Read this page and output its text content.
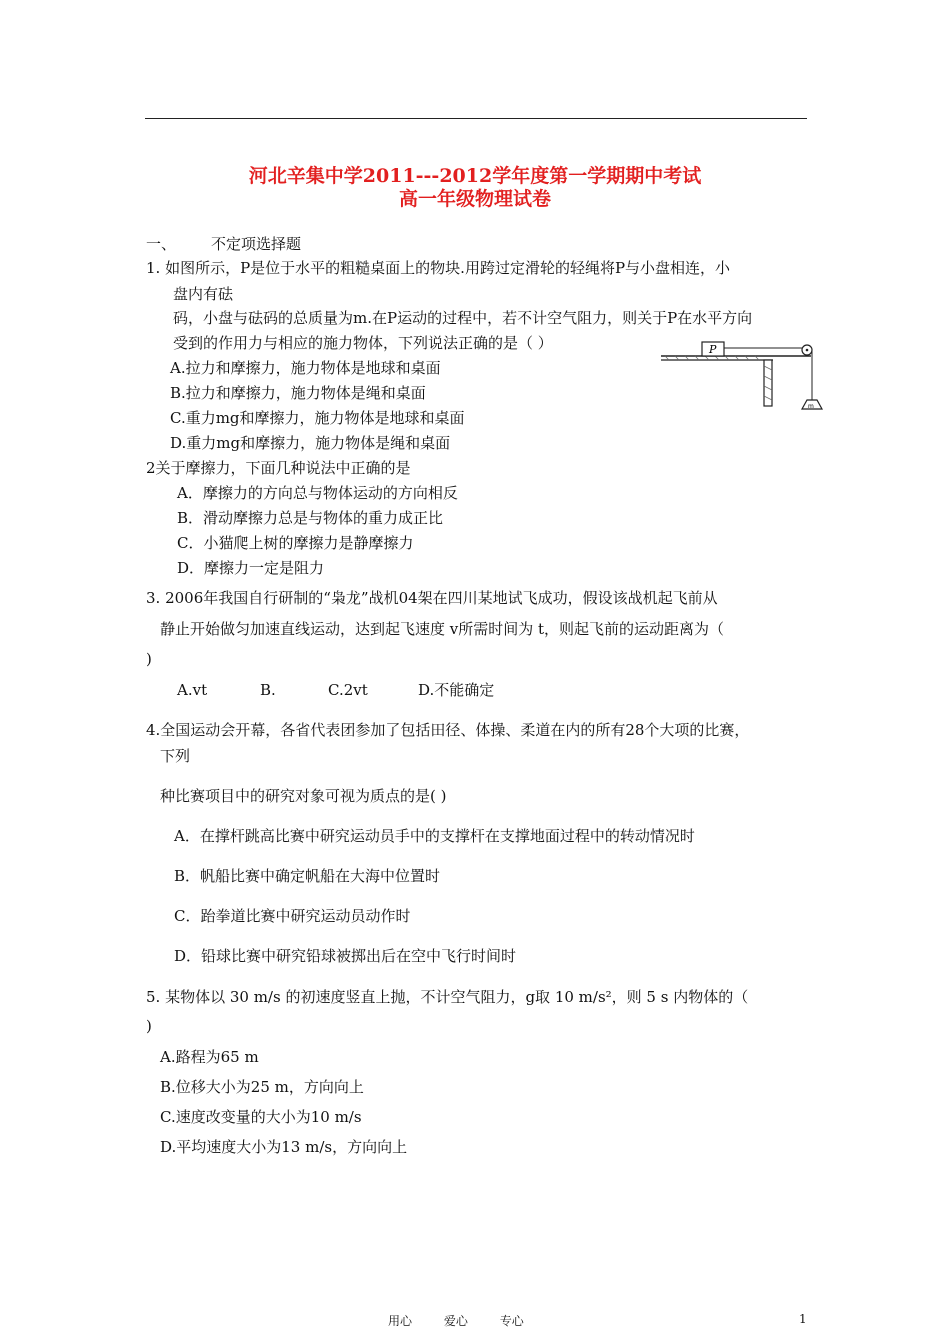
河北辛集中学2011---2012学年度第一学期期中考试
高一年级物理试卷
一、 不定项选择题
1. 如图所示，P是位于水平的粗糙桌面上的物块.用跨过定滑轮的轻绳将P与小盘相连，小
盘内有砝
码，小盘与砝码的总质量为m.在P运动的过程中，若不计空气阻力，则关于P在水平方向
受到的作用力与相应的施力物体，下列说法正确的是（ ）
A.拉力和摩擦力，施力物体是地球和桌面
B.拉力和摩擦力，施力物体是绳和桌面
C.重力mg和摩擦力，施力物体是地球和桌面
D.重力mg和摩擦力，施力物体是绳和桌面
P
m
2关于摩擦力，下面几种说法中正确的是
A．摩擦力的方向总与物体运动的方向相反
B．滑动摩擦力总是与物体的重力成正比
C．小猫爬上树的摩擦力是静摩擦力
D．摩擦力一定是阻力
3. 2006年我国自行研制的“枭龙”战机04架在四川某地试飞成功，假设该战机起飞前从
静止开始做匀加速直线运动，达到起飞速度 v所需时间为 t，则起飞前的运动距离为（
)
A.vt	B.	C.2vt	D.不能确定
4.全国运动会开幕，各省代表团参加了包括田径、体操、柔道在内的所有28个大项的比赛，
下列
种比赛项目中的研究对象可视为质点的是( )
A．在撑杆跳高比赛中研究运动员手中的支撑杆在支撑地面过程中的转动情况时
B．帆船比赛中确定帆船在大海中位置时
C．跆拳道比赛中研究运动员动作时
D．铅球比赛中研究铅球被掷出后在空中飞行时间时
5. 某物体以 30 m/s 的初速度竖直上抛，不计空气阻力，g取 10 m/s²，则 5 s 内物体的（
)
A.路程为65 m
B.位移大小为25 m，方向向上
C.速度改变量的大小为10 m/s
D.平均速度大小为13 m/s，方向向上
用心	爱心	专心	1
